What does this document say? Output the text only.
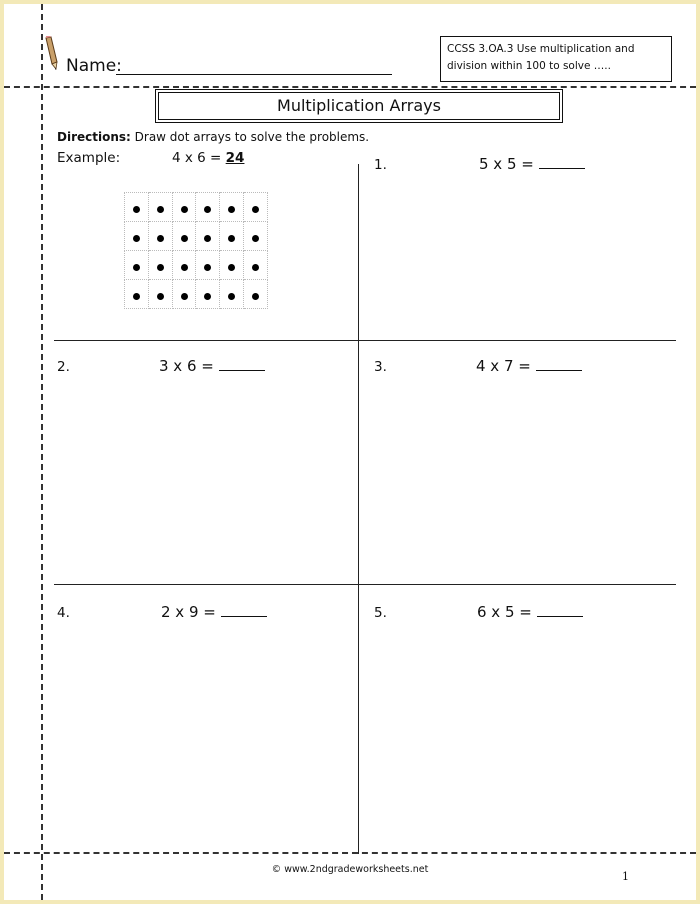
Name:
CCSS 3.OA.3 Use multiplication and division within 100 to solve …..
Multiplication Arrays
Directions: Draw dot arrays to solve the problems.
Example:	4 x 6 = 24

						1.	5 x 5 =
2.	3 x 6 =	3.	4 x 7 =
4.	2 x 9 =	5.	6 x 5 =
© www.2ndgradeworksheets.net
1
